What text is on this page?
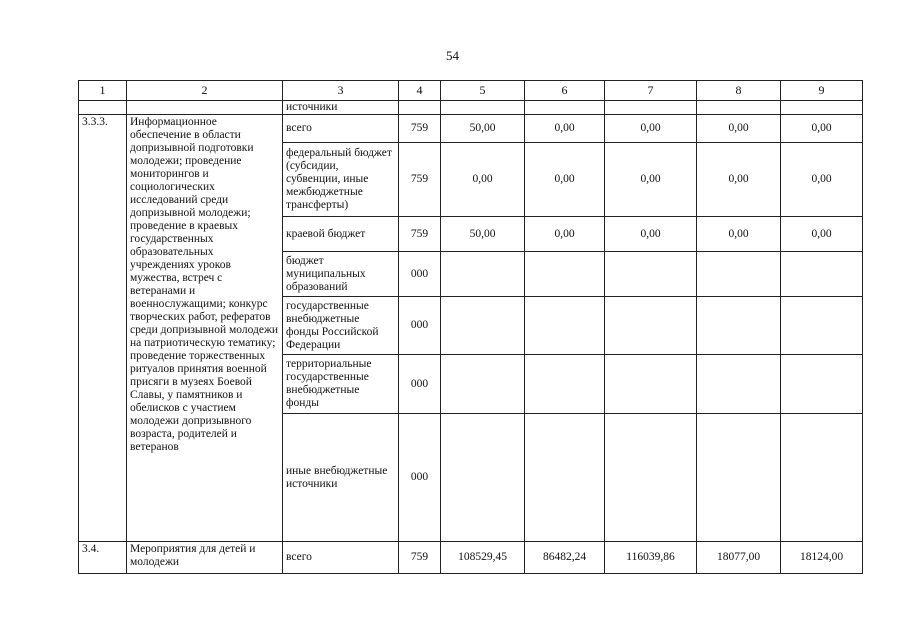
54
1	2	3	4	5	6	7	8	9
		источники						
3.3.3.	Информационное обеспечение в области допризывной подготовки молодежи; проведение мониторингов и социологических исследований среди допризывной молодежи; проведение в краевых государственных образовательных учреждениях уроков мужества, встреч с ветеранами и военнослужащими; конкурс творческих работ, рефератов среди допризывной молодежи на патриотическую тематику; проведение торжественных ритуалов принятия военной присяги в музеях Боевой Славы, у памятников и обелисков с участием молодежи допризывного возраста, родителей и ветеранов	всего	759	50,00	0,00	0,00	0,00	0,00
		федеральный бюджет (субсидии, субвенции, иные межбюджетные трансферты)	759	0,00	0,00	0,00	0,00	0,00
		краевой бюджет	759	50,00	0,00	0,00	0,00	0,00
		бюджет муниципальных образований	000					
		государственные внебюджетные фонды Российской Федерации	000					
		территориальные государственные внебюджетные фонды	000					
		иные внебюджетные источники	000					
3.4.	Мероприятия для детей и молодежи	всего	759	108529,45	86482,24	116039,86	18077,00	18124,00
